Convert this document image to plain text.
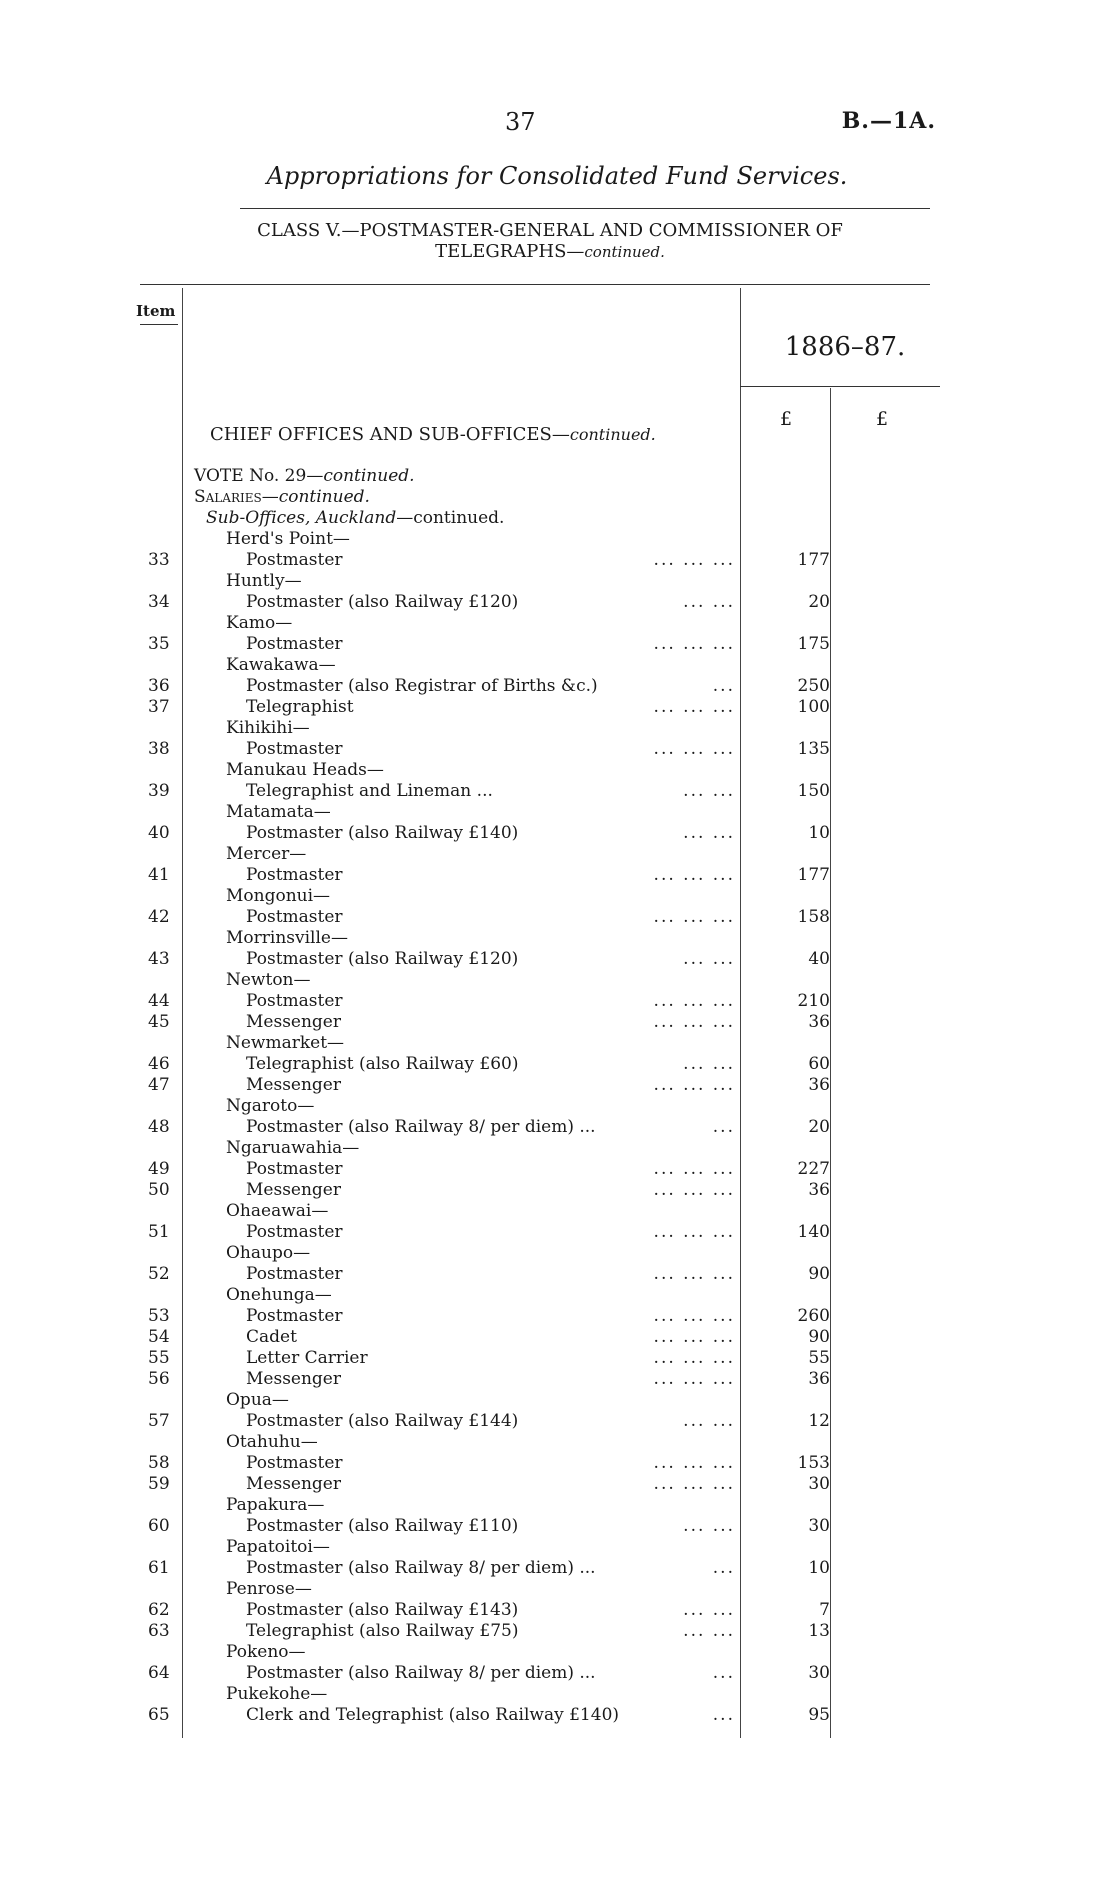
37	B.—1A.
Appropriations for Consolidated Fund Services.
CLASS V.—POSTMASTER-GENERAL AND COMMISSIONER OF
TELEGRAPHS—continued.
Item
1886–87.
£	£
CHIEF OFFICES AND SUB-OFFICES—continued.
VOTE No. 29—continued.
Salaries—continued.
Sub-Offices, Auckland—continued.
Herd's Point—
33	Postmaster	... ... ...	177
Huntly—
34	Postmaster (also Railway £120)	... ...	20
Kamo—
35	Postmaster	... ... ...	175
Kawakawa—
36	Postmaster (also Registrar of Births &c.)	...	250
37	Telegraphist	... ... ...	100
Kihikihi—
38	Postmaster	... ... ...	135
Manukau Heads—
39	Telegraphist and Lineman ...	... ...	150
Matamata—
40	Postmaster (also Railway £140)	... ...	10
Mercer—
41	Postmaster	... ... ...	177
Mongonui—
42	Postmaster	... ... ...	158
Morrinsville—
43	Postmaster (also Railway £120)	... ...	40
Newton—
44	Postmaster	... ... ...	210
45	Messenger	... ... ...	36
Newmarket—
46	Telegraphist (also Railway £60)	... ...	60
47	Messenger	... ... ...	36
Ngaroto—
48	Postmaster (also Railway 8/ per diem) ...	...	20
Ngaruawahia—
49	Postmaster	... ... ...	227
50	Messenger	... ... ...	36
Ohaeawai—
51	Postmaster	... ... ...	140
Ohaupo—
52	Postmaster	... ... ...	90
Onehunga—
53	Postmaster	... ... ...	260
54	Cadet	... ... ...	90
55	Letter Carrier	... ... ...	55
56	Messenger	... ... ...	36
Opua—
57	Postmaster (also Railway £144)	... ...	12
Otahuhu—
58	Postmaster	... ... ...	153
59	Messenger	... ... ...	30
Papakura—
60	Postmaster (also Railway £110)	... ...	30
Papatoitoi—
61	Postmaster (also Railway 8/ per diem) ...	...	10
Penrose—
62	Postmaster (also Railway £143)	... ...	7
63	Telegraphist (also Railway £75)	... ...	13
Pokeno—
64	Postmaster (also Railway 8/ per diem) ...	...	30
Pukekohe—
65	Clerk and Telegraphist (also Railway £140)	...	95
